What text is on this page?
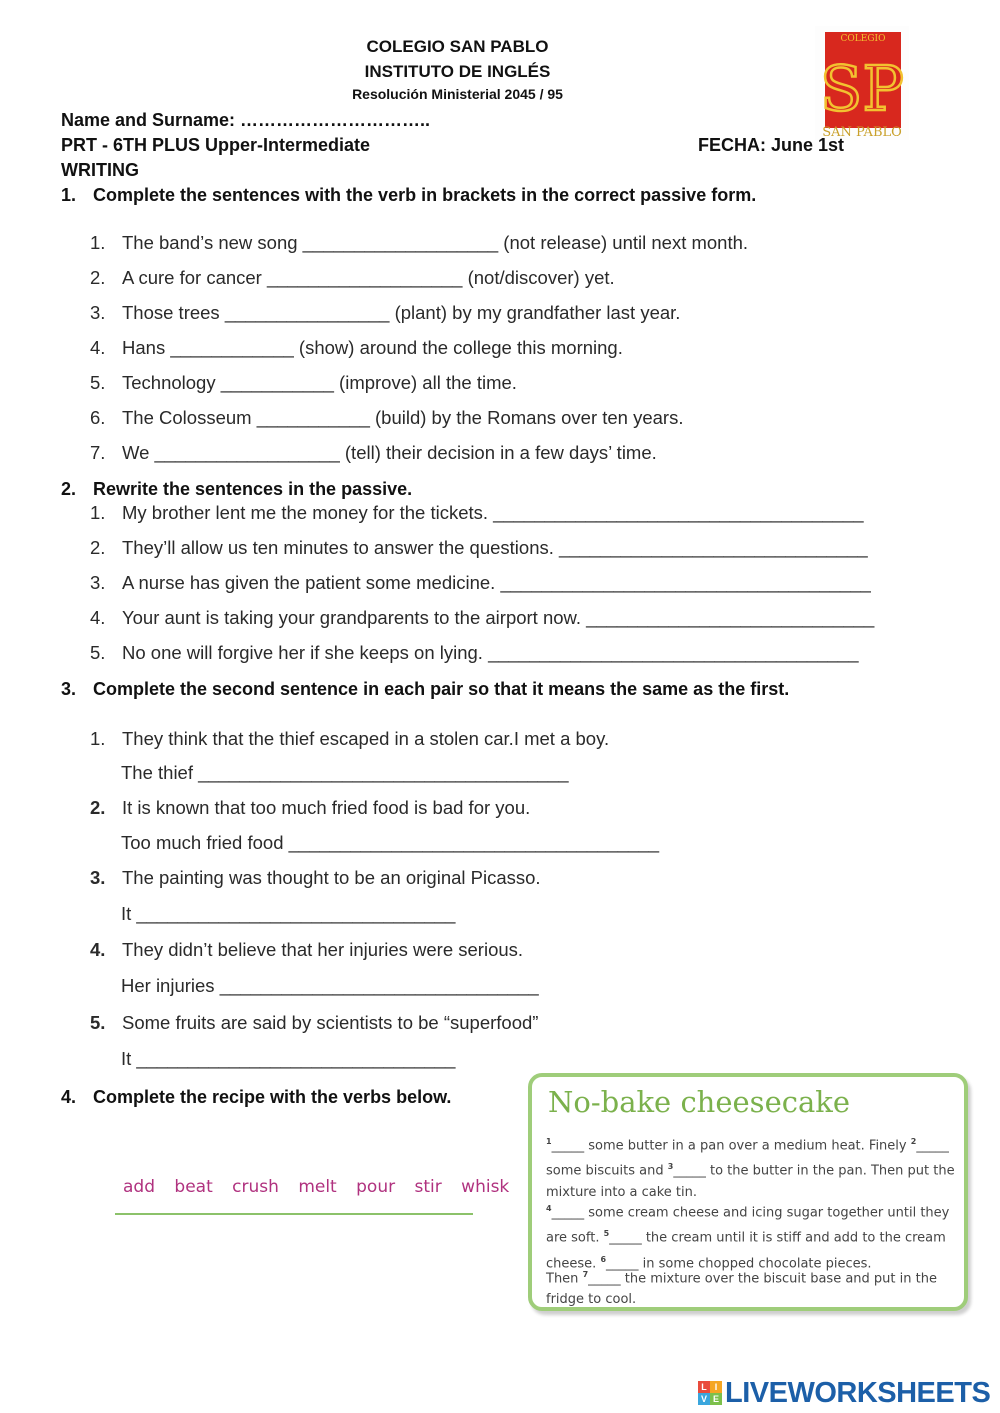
COLEGIO SAN PABLO
INSTITUTO DE INGLÉS
Resolución Ministerial 2045 / 95
COLEGIO
SP
SAN PABLO
Name and Surname: …………………………..
PRT - 6TH PLUS Upper-Intermediate	FECHA: June 1st
WRITING
1. Complete the sentences with the verb in brackets in the correct passive form.
1. The band’s new song ___________________ (not release) until next month.
2. A cure for cancer ___________________ (not/discover) yet.
3. Those trees ________________ (plant) by my grandfather last year.
4. Hans ____________ (show) around the college this morning.
5. Technology ___________ (improve) all the time.
6. The Colosseum ___________ (build) by the Romans over ten years.
7. We __________________ (tell) their decision in a few days’ time.
2. Rewrite the sentences in the passive.
1. My brother lent me the money for the tickets. ____________________________________
2. They’ll allow us ten minutes to answer the questions. ______________________________
3. A nurse has given the patient some medicine. ____________________________________
4. Your aunt is taking your grandparents to the airport now. ____________________________
5. No one will forgive her if she keeps on lying. ____________________________________
3. Complete the second sentence in each pair so that it means the same as the first.
1. They think that the thief escaped in a stolen car.I met a boy.
The thief ____________________________________
2. It is known that too much fried food is bad for you.
Too much fried food ____________________________________
3. The painting was thought to be an original Picasso.
It _______________________________
4. They didn’t believe that her injuries were serious.
Her injuries _______________________________
5. Some fruits are said by scientists to be “superfood”
It _______________________________
4. Complete the recipe with the verbs below.
add beat crush melt pour stir whisk
No-bake cheesecake
$^1$_____ some butter in a pan over a medium heat. Finely $^2$_____ some biscuits and $^3$_____ to the butter in the pan. Then put the mixture into a cake tin.
$^4$_____ some cream cheese and icing sugar together until they are soft. $^5$_____ the cream until it is stiff and add to the cream cheese. $^6$_____ in some chopped chocolate pieces.
Then $^7$_____ the mixture over the biscuit base and put in the fridge to cool.
L I
V E LIVEWORKSHEETS
